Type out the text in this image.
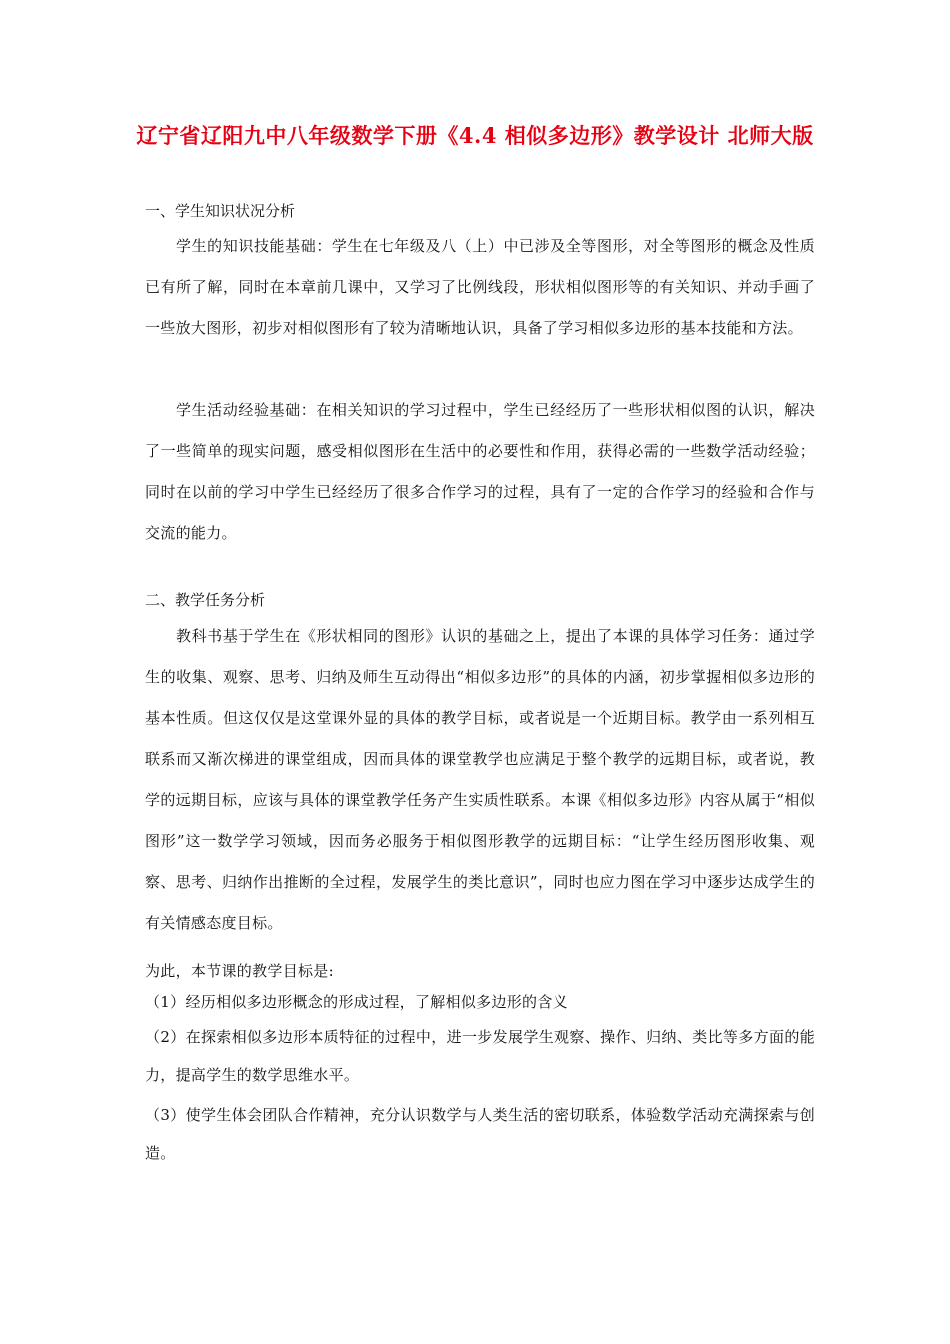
辽宁省辽阳九中八年级数学下册《4.4 相似多边形》教学设计 北师大版
一、学生知识状况分析
学生的知识技能基础：学生在七年级及八（上）中已涉及全等图形，对全等图形的概念及性质已有所了解，同时在本章前几课中，又学习了比例线段，形状相似图形等的有关知识、并动手画了一些放大图形，初步对相似图形有了较为清晰地认识，具备了学习相似多边形的基本技能和方法。
学生活动经验基础：在相关知识的学习过程中，学生已经经历了一些形状相似图的认识，解决了一些简单的现实问题，感受相似图形在生活中的必要性和作用，获得必需的一些数学活动经验；同时在以前的学习中学生已经经历了很多合作学习的过程，具有了一定的合作学习的经验和合作与交流的能力。
二、教学任务分析
教科书基于学生在《形状相同的图形》认识的基础之上，提出了本课的具体学习任务：通过学生的收集、观察、思考、归纳及师生互动得出“相似多边形”的具体的内涵，初步掌握相似多边形的基本性质。但这仅仅是这堂课外显的具体的教学目标，或者说是一个近期目标。教学由一系列相互联系而又渐次梯进的课堂组成，因而具体的课堂教学也应满足于整个教学的远期目标，或者说，教学的远期目标，应该与具体的课堂教学任务产生实质性联系。本课《相似多边形》内容从属于“相似图形”这一数学学习领域，因而务必服务于相似图形教学的远期目标：“让学生经历图形收集、观察、思考、归纳作出推断的全过程，发展学生的类比意识”，同时也应力图在学习中逐步达成学生的有关情感态度目标。
为此，本节课的教学目标是:
（1）经历相似多边形概念的形成过程，了解相似多边形的含义
（2）在探索相似多边形本质特征的过程中，进一步发展学生观察、操作、归纳、类比等多方面的能力，提高学生的数学思维水平。
（3）使学生体会团队合作精神，充分认识数学与人类生活的密切联系，体验数学活动充满探索与创造。
